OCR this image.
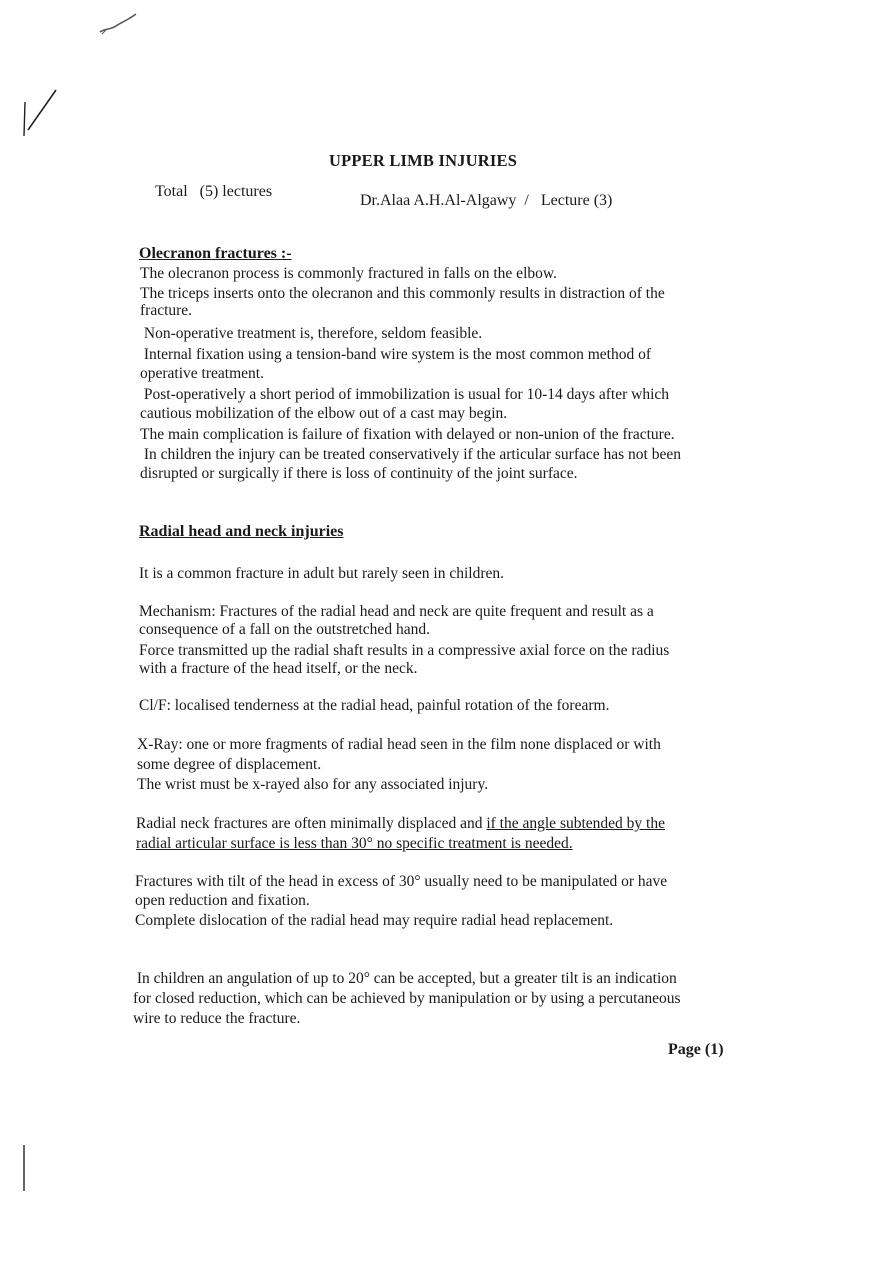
UPPER LIMB INJURIES
Total   (5) lectures
Dr.Alaa A.H.Al-Algawy  /   Lecture (3)
Olecranon fractures :-
The olecranon process is commonly fractured in falls on the elbow.
The triceps inserts onto the olecranon and this commonly results in distraction of the
fracture.
Non-operative treatment is, therefore, seldom feasible.
Internal fixation using a tension-band wire system is the most common method of
operative treatment.
Post-operatively a short period of immobilization is usual for 10-14 days after which
cautious mobilization of the elbow out of a cast may begin.
The main complication is failure of fixation with delayed or non-union of the fracture.
In children the injury can be treated conservatively if the articular surface has not been
disrupted or surgically if there is loss of continuity of the joint surface.
Radial head and neck injuries
It is a common fracture in adult but rarely seen in children.
Mechanism: Fractures of the radial head and neck are quite frequent and result as a
consequence of a fall on the outstretched hand.
Force transmitted up the radial shaft results in a compressive axial force on the radius
with a fracture of the head itself, or the neck.
Cl/F: localised tenderness at the radial head, painful rotation of the forearm.
X-Ray: one or more fragments of radial head seen in the film none displaced or with
some degree of displacement.
The wrist must be x-rayed also for any associated injury.
Radial neck fractures are often minimally displaced and if the angle subtended by the
radial articular surface is less than 30° no specific treatment is needed.
Fractures with tilt of the head in excess of 30° usually need to be manipulated or have
open reduction and fixation.
Complete dislocation of the radial head may require radial head replacement.
In children an angulation of up to 20° can be accepted, but a greater tilt is an indication
for closed reduction, which can be achieved by manipulation or by using a percutaneous
wire to reduce the fracture.
Page (1)
